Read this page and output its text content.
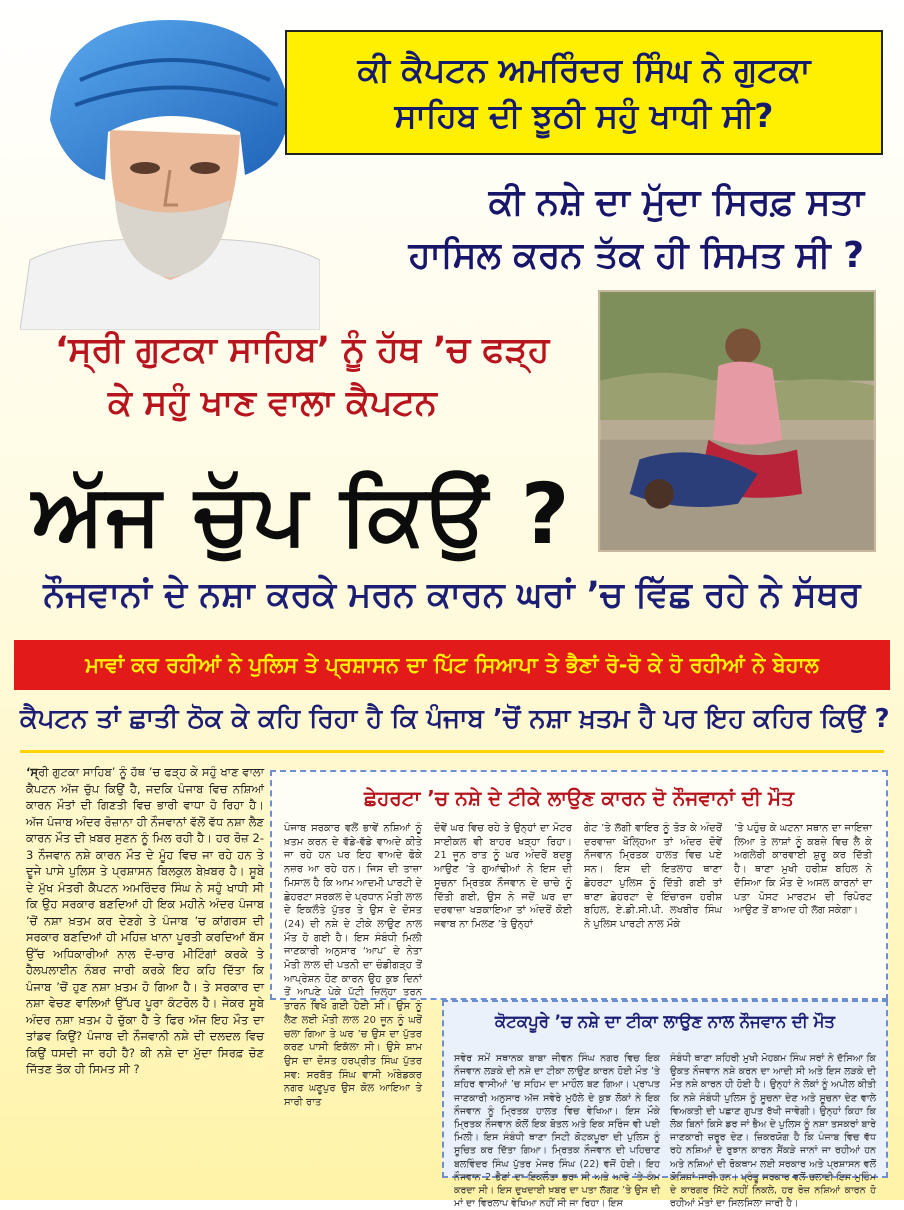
ਕੀ ਕੈਪਟਨ ਅਮਰਿੰਦਰ ਸਿੰਘ ਨੇ ਗੁਟਕਾ
ਸਾਹਿਬ ਦੀ ਝੂਠੀ ਸਹੁੰ ਖਾਧੀ ਸੀ?
ਕੀ ਨਸ਼ੇ ਦਾ ਮੁੱਦਾ ਸਿਰਫ਼ ਸਤਾ
ਹਾਸਿਲ ਕਰਨ ਤੱਕ ਹੀ ਸਿਮਤ ਸੀ ?
‘ਸ੍ਰੀ ਗੁਟਕਾ ਸਾਹਿਬ’ ਨੂੰ ਹੱਥ ’ਚ ਫੜ੍ਹ
ਕੇ ਸਹੁੰ ਖਾਣ ਵਾਲਾ ਕੈਪਟਨ
ਅੱਜ ਚੁੱਪ ਕਿਉਂ ?
ਨੌਜਵਾਨਾਂ ਦੇ ਨਸ਼ਾ ਕਰਕੇ ਮਰਨ ਕਾਰਨ ਘਰਾਂ ’ਚ ਵਿੱਛ ਰਹੇ ਨੇ ਸੱਥਰ
ਮਾਵਾਂ ਕਰ ਰਹੀਆਂ ਨੇ ਪੁਲਿਸ ਤੇ ਪ੍ਰਸ਼ਾਸਨ ਦਾ ਪਿੱਟ ਸਿਆਪਾ ਤੇ ਭੈਣਾਂ ਰੋ-ਰੋ ਕੇ ਹੋ ਰਹੀਆਂ ਨੇ ਬੇਹਾਲ
ਕੈਪਟਨ ਤਾਂ ਛਾਤੀ ਠੋਕ ਕੇ ਕਹਿ ਰਿਹਾ ਹੈ ਕਿ ਪੰਜਾਬ ’ਚੋਂ ਨਸ਼ਾ ਖ਼ਤਮ ਹੈ ਪਰ ਇਹ ਕਹਿਰ ਕਿਉਂ ?
‘ਸ੍ਰੀ ਗੁਟਕਾ ਸਾਹਿਬ’ ਨੂੰ ਹੱਥ ’ਚ ਫੜ੍ਹ ਕੇ ਸਹੁੰ ਖਾਣ ਵਾਲਾ ਕੈਪਟਨ ਅੱਜ ਚੁੱਪ ਕਿਉਂ ਹੈ, ਜਦਕਿ ਪੰਜਾਬ ਵਿਚ ਨਸ਼ਿਆਂ ਕਾਰਨ ਮੌਤਾਂ ਦੀ ਗਿਣਤੀ ਵਿਚ ਭਾਰੀ ਵਾਧਾ ਹੋ ਰਿਹਾ ਹੈ। ਅੱਜ ਪੰਜਾਬ ਅੰਦਰ ਰੋਜ਼ਾਨਾ ਹੀ ਨੌਜਵਾਨਾਂ ਵੱਲੋਂ ਵੱਧ ਨਸ਼ਾ ਲੈਣ ਕਾਰਨ ਮੌਤ ਦੀ ਖ਼ਬਰ ਸੁਣਨ ਨੂੰ ਮਿਲ ਰਹੀ ਹੈ। ਹਰ ਰੋਜ਼ 2-3 ਨੌਜਵਾਨ ਨਸ਼ੇ ਕਾਰਨ ਮੌਤ ਦੇ ਮੂੰਹ ਵਿਚ ਜਾ ਰਹੇ ਹਨ ਤੇ ਦੂਜੇ ਪਾਸੇ ਪੁਲਿਸ ਤੇ ਪ੍ਰਸ਼ਾਸਨ ਬਿਲਕੁਲ ਬੇਖ਼ਬਰ ਹੈ। ਸੂਬੇ ਦੇ ਮੁੱਖ ਮੰਤਰੀ ਕੈਪਟਨ ਅਮਰਿੰਦਰ ਸਿੰਘ ਨੇ ਸਹੁੰ ਖਾਧੀ ਸੀ ਕਿ ਉਹ ਸਰਕਾਰ ਬਣਦਿਆਂ ਹੀ ਇਕ ਮਹੀਨੇ ਅੰਦਰ ਪੰਜਾਬ ’ਚੋਂ ਨਸ਼ਾ ਖ਼ਤਮ ਕਰ ਦੇਣਗੇ ਤੇ ਪੰਜਾਬ ’ਚ ਕਾਂਗਰਸ ਦੀ ਸਰਕਾਰ ਬਣਦਿਆਂ ਹੀ ਮਹਿਜ਼ ਖਾਨਾ ਪੂਰਤੀ ਕਰਦਿਆਂ ਬੱਸ ਉੱਚ ਅਧਿਕਾਰੀਆਂ ਨਾਲ ਦੋ-ਚਾਰ ਮੀਟਿੰਗਾਂ ਕਰਕੇ ਤੇ ਹੈਲਪਲਾਈਨ ਨੰਬਰ ਜਾਰੀ ਕਰਕੇ ਇਹ ਕਹਿ ਦਿੱਤਾ ਕਿ ਪੰਜਾਬ ’ਚੋਂ ਹੁਣ ਨਸ਼ਾ ਖ਼ਤਮ ਹੋ ਗਿਆ ਹੈ। ਤੇ ਸਰਕਾਰ ਦਾ ਨਸ਼ਾ ਵੇਚਣ ਵਾਲਿਆਂ ਉੱਪਰ ਪੂਰਾ ਕੰਟਰੋਲ ਹੈ। ਜੇਕਰ ਸੂਬੇ ਅੰਦਰ ਨਸ਼ਾ ਖ਼ਤਮ ਹੋ ਚੁੱਕਾ ਹੈ ਤੇ ਫਿਰ ਅੱਜ ਇਹ ਮੌਤ ਦਾ ਤਾਂਡਵ ਕਿਉਂ? ਪੰਜਾਬ ਦੀ ਨੌਜਵਾਨੀ ਨਸ਼ੇ ਦੀ ਦਲਦਲ ਵਿਚ ਕਿਉਂ ਧਸਦੀ ਜਾ ਰਹੀ ਹੈ? ਕੀ ਨਸ਼ੇ ਦਾ ਮੁੱਦਾ ਸਿਰਫ਼ ਚੋਣ ਜਿੱਤਣ ਤੱਕ ਹੀ ਸਿਮਤ ਸੀ ?
ਛੇਹਰਟਾ ’ਚ ਨਸ਼ੇ ਦੇ ਟੀਕੇ ਲਾਉਣ ਕਾਰਨ ਦੋ ਨੌਜਵਾਨਾਂ ਦੀ ਮੌਤ
ਪੰਜਾਬ ਸਰਕਾਰ ਵਲੋਂ ਭਾਵੇਂ ਨਸ਼ਿਆਂ ਨੂੰ ਖ਼ਤਮ ਕਰਨ ਦੇ ਵੱਡੇ-ਵੱਡੇ ਵਾਅਦੇ ਕੀਤੇ ਜਾ ਰਹੇ ਹਨ ਪਰ ਇਹ ਵਾਅਦੇ ਫੋਕੇ ਨਜ਼ਰ ਆ ਰਹੇ ਹਨ। ਜਿਸ ਦੀ ਤਾਜ਼ਾ ਮਿਸਾਲ ਹੈ ਕਿ ਆਮ ਆਦਮੀ ਪਾਰਟੀ ਦੇ ਛੇਹਰਟਾ ਸਰਕਲ ਦੇ ਪ੍ਰਧਾਨ ਮੋਤੀ ਲਾਲ ਦੇ ਇਕਲੌਤੇ ਪੁੱਤਰ ਤੇ ਉਸ ਦੇ ਦੋਸਤ (24) ਦੀ ਨਸ਼ੇ ਦੇ ਟੀਕੇ ਲਾਉਣ ਨਾਲ ਮੌਤ ਹੋ ਗਈ ਹੈ। ਇਸ ਸੰਬੰਧੀ ਮਿਲੀ ਜਾਣਕਾਰੀ ਅਨੁਸਾਰ ‘ਆਪ’ ਦੇ ਨੇਤਾ ਮੋਤੀ ਲਾਲ ਦੀ ਪਤਨੀ ਦਾ ਚੰਡੀਗੜ੍ਹ ਤੋਂ ਆਪ੍ਰੇਸ਼ਨ ਹੋਣ ਕਾਰਨ ਉਹ ਕੁਝ ਦਿਨਾਂ ਤੋਂ ਆਪਣੇ ਪੇਕੇ ਪੱਟੀ ਜ਼ਿਲ੍ਹਾ ਤਰਨ ਤਾਰਨ ਵਿਖੇ ਗਈ ਹੋਈ ਸੀ। ਉਸ ਨੂੰ ਲੈਣ ਲਈ ਮੋਤੀ ਲਾਲ 20 ਜੂਨ ਨੂੰ ਘਰੋਂ ਚਲਾ ਗਿਆ ਤੇ ਘਰ ’ਚ ਉਸ ਦਾ ਪੁੱਤਰ ਕਰਣ ਪਾਸੀ ਇਕੱਲਾ ਸੀ। ਉਸੇ ਸ਼ਾਮ ਉਸ ਦਾ ਦੋਸਤ ਹਰਪ੍ਰੀਤ ਸਿੰਘ ਪੁੱਤਰ ਸਵ: ਸਰਬੱਤ ਸਿੰਘ ਵਾਸੀ ਅੰਬੇਡਕਰ ਨਗਰ ਘਣੂਪੁਰ ਉਸ ਕੋਲ ਆਇਆ ਤੇ ਸਾਰੀ ਰਾਤ
ਦੋਵੇਂ ਘਰ ਵਿਚ ਰਹੇ ਤੇ ਉਨ੍ਹਾਂ ਦਾ ਮੋਟਰ ਸਾਈਕਲ ਵੀ ਬਾਹਰ ਖੜ੍ਹਾ ਰਿਹਾ। 21 ਜੂਨ ਰਾਤ ਨੂੰ ਘਰ ਅੰਦਰੋਂ ਬਦਬੂ ਆਉਣ ’ਤੇ ਗੁਆਂਢੀਆਂ ਨੇ ਇਸ ਦੀ ਸੂਚਨਾ ਮ੍ਰਿਤਕ ਨੌਜਵਾਨ ਦੇ ਚਾਚੇ ਨੂੰ ਦਿੱਤੀ ਗਈ, ਉਸ ਨੇ ਜਦੋਂ ਘਰ ਦਾ ਦਰਵਾਜ਼ਾ ਖੜਕਾਇਆ ਤਾਂ ਅੰਦਰੋਂ ਕੋਈ ਜਵਾਬ ਨਾ ਮਿਲਣ ’ਤੇ ਉਨ੍ਹਾਂ
ਗੇਟ ’ਤੇ ਲੱਗੀ ਵਾਇਰ ਨੂੰ ਤੋੜ ਕੇ ਅੰਦਰੋਂ ਦਰਵਾਜ਼ਾ ਖੋਲ੍ਹਿਆ ਤਾਂ ਅੰਦਰ ਦੋਵੇਂ ਨੌਜਵਾਨ ਮ੍ਰਿਤਕ ਹਾਲਤ ਵਿਚ ਪਏ ਸਨ। ਇਸ ਦੀ ਇਤਲਾਹ ਥਾਣਾ ਛੇਹਰਟਾ ਪੁਲਿਸ ਨੂੰ ਦਿੱਤੀ ਗਈ ਤਾਂ ਥਾਣਾ ਛੇਹਰਟਾ ਦੇ ਇੰਚਾਰਜ ਹਰੀਸ਼ ਬਹਿਲ, ਏ.ਡੀ.ਸੀ.ਪੀ. ਲਖਬੀਰ ਸਿੰਘ ਨੇ ਪੁਲਿਸ ਪਾਰਟੀ ਨਾਲ ਮੌਕੇ
’ਤੇ ਪਹੁੰਚ ਕੇ ਘਟਨਾ ਸਥਾਨ ਦਾ ਜਾਇਜ਼ਾ ਲਿਆ ਤੇ ਲਾਸ਼ਾਂ ਨੂੰ ਕਬਜ਼ੇ ਵਿਚ ਲੈ ਕੇ ਅਗਲੇਰੀ ਕਾਰਵਾਈ ਸ਼ੁਰੂ ਕਰ ਦਿੱਤੀ ਹੈ। ਥਾਣਾ ਮੁਖੀ ਹਰੀਸ਼ ਬਹਿਲ ਨੇ ਦੱਸਿਆ ਕਿ ਮੌਤ ਦੇ ਅਸਲ ਕਾਰਨਾਂ ਦਾ ਪਤਾ ਪੋਸਟ ਮਾਰਟਮ ਦੀ ਰਿਪੋਰਟ ਆਉਣ ਤੋਂ ਬਾਅਦ ਹੀ ਲੱਗ ਸਕੇਗਾ।
ਕੋਟਕਪੂਰੇ ’ਚ ਨਸ਼ੇ ਦਾ ਟੀਕਾ ਲਾਉਣ ਨਾਲ ਨੌਜਵਾਨ ਦੀ ਮੌਤ
ਸਵੇਰ ਸਮੇਂ ਸਥਾਨਕ ਬਾਬਾ ਜੀਵਨ ਸਿੰਘ ਨਗਰ ਵਿਚ ਇਕ ਨੌਜਵਾਨ ਲੜਕੇ ਦੀ ਨਸ਼ੇ ਦਾ ਟੀਕਾ ਲਾਉਣ ਕਾਰਨ ਹੋਈ ਮੌਤ ’ਤੇ ਸ਼ਹਿਰ ਵਾਸੀਆਂ ’ਚ ਸਹਿਮ ਦਾ ਮਾਹੌਲ ਬਣ ਗਿਆ। ਪ੍ਰਾਪਤ ਜਾਣਕਾਰੀ ਅਨੁਸਾਰ ਅੱਜ ਸਵੇਰੇ ਮੁਹੱਲੇ ਦੇ ਕੁਝ ਲੋਕਾਂ ਨੇ ਇਕ ਨੌਜਵਾਨ ਨੂੰ ਮ੍ਰਿਤਕ ਹਾਲਤ ਵਿਚ ਵੇਖਿਆ। ਇਸ ਮੌਕੇ ਮ੍ਰਿਤਕ ਨੌਜਵਾਨ ਕੋਲੋਂ ਇਕ ਬੋਤਲ ਅਤੇ ਇਕ ਸਰਿੰਜ ਵੀ ਪਈ ਮਿਲੀ। ਇਸ ਸੰਬੰਧੀ ਥਾਣਾ ਸਿਟੀ ਕੋਟਕਪੂਰਾ ਦੀ ਪੁਲਿਸ ਨੂੰ ਸੂਚਿਤ ਕਰ ਦਿੱਤਾ ਗਿਆ। ਮ੍ਰਿਤਕ ਨੌਜਵਾਨ ਦੀ ਪਹਿਚਾਣ ਬਲਵਿੰਦਰ ਸਿੰਘ ਪੁੱਤਰ ਮੇਜਰ ਸਿੰਘ (22) ਵਜੋਂ ਹੋਈ। ਇਹ ਨੌਜਵਾਨ 2 ਭੈਣਾਂ ਦਾ ਇਕਲੌਤਾ ਭਰਾ ਸੀ ਅਤੇ ਆਰੇ ’ਤੇ ਕੰਮ ਕਰਦਾ ਸੀ। ਇਸ ਦੁਖਦਾਈ ਖ਼ਬਰ ਦਾ ਪਤਾ ਲੱਗਣ ’ਤੇ ਉਸ ਦੀ ਮਾਂ ਦਾ ਵਿਰਲਾਪ ਵੇਖਿਆ ਨਹੀਂ ਸੀ ਜਾ ਰਿਹਾ। ਇਸ
ਸੰਬੰਧੀ ਥਾਣਾ ਸ਼ਹਿਰੀ ਮੁਖੀ ਮੋਹਕਮ ਸਿੰਘ ਸਰਾਂ ਨੇ ਦੱਸਿਆ ਕਿ ਉਕਤ ਨੌਜਵਾਨ ਨਸ਼ੇ ਕਰਨ ਦਾ ਆਦੀ ਸੀ ਅਤੇ ਇਸ ਲੜਕੇ ਦੀ ਮੌਤ ਨਸ਼ੇ ਕਾਰਨ ਹੀ ਹੋਈ ਹੈ। ਉਨ੍ਹਾਂ ਨੇ ਲੋਕਾਂ ਨੂੰ ਅਪੀਲ ਕੀਤੀ ਕਿ ਨਸ਼ੇ ਸੰਬੰਧੀ ਪੁਲਿਸ ਨੂੰ ਸੂਚਨਾ ਦੇਣ ਅਤੇ ਸੂਚਨਾ ਦੇਣ ਵਾਲੇ ਵਿਅਕਤੀ ਦੀ ਪਛਾਣ ਗੁਪਤ ਰੱਖੀ ਜਾਵੇਗੀ। ਉਨ੍ਹਾਂ ਕਿਹਾ ਕਿ ਲੋਕ ਬਿਨਾਂ ਕਿਸੇ ਡਰ ਜਾਂ ਭੈਅ ਦੇ ਪੁਲਿਸ ਨੂੰ ਨਸ਼ਾ ਤਸਕਰਾਂ ਬਾਰੇ ਜਾਣਕਾਰੀ ਜ਼ਰੂਰ ਦੇਣ। ਜ਼ਿਕਰਯੋਗ ਹੈ ਕਿ ਪੰਜਾਬ ਵਿਚ ਵੱਧ ਰਹੇ ਨਸ਼ਿਆਂ ਦੇ ਰੁਝਾਨ ਕਾਰਨ ਸੈਂਕੜੇ ਜਾਨਾਂ ਜਾ ਰਹੀਆਂ ਹਨ ਅਤੇ ਨਸ਼ਿਆਂ ਦੀ ਰੋਕਥਾਮ ਲਈ ਸਰਕਾਰ ਅਤੇ ਪ੍ਰਸ਼ਾਸਨ ਵਲੋਂ ਕੋਸ਼ਿਸ਼ਾਂ ਜਾਰੀ ਹਨ। ਪ੍ਰੰਤੂ ਸਰਕਾਰ ਵਲੋਂ ਚਲਾਈ ਇਸ ਮੁਹਿੰਮ ਦੇ ਕਾਰਗਰ ਸਿੱਟੇ ਨਹੀਂ ਨਿਕਲੇ, ਹਰ ਰੋਜ਼ ਨਸ਼ਿਆਂ ਕਾਰਨ ਹੋ ਰਹੀਆਂ ਮੌਤਾਂ ਦਾ ਸਿਲਸਿਲਾ ਜਾਰੀ ਹੈ।
